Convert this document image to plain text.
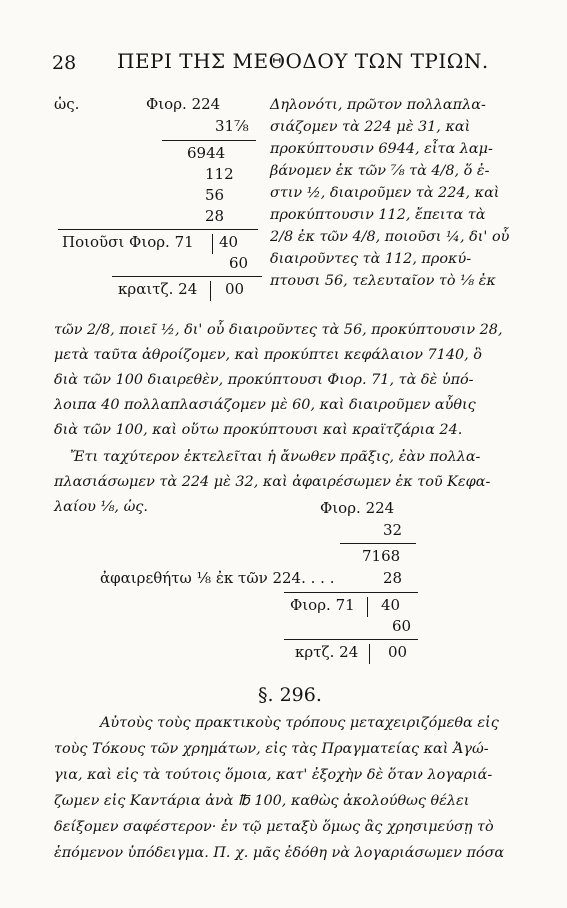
28 ΠΕΡΙ ΤΗΣ ΜΕΘΟΔΟΥ ΤΩΝ ΤΡΙΩΝ.
ὡς.	Φιορ. 224
31⅞
6944
112
56
28
Ποιοῦσι Φιορ. 71 40
60
κραιτζ. 24 00
Δηλονότι, πρῶτον πολλαπλα-
σιάζομεν τὰ 224 μὲ 31, καὶ
προκύπτουσιν 6944, εἶτα λαμ-
βάνομεν ἐκ τῶν ⅞ τὰ 4/8, ὅ ἐ-
στιν ½, διαιροῦμεν τὰ 224, καὶ
προκύπτουσιν 112, ἔπειτα τὰ
2/8 ἐκ τῶν 4/8, ποιοῦσι ¼, δι' οὗ
διαιροῦντες τὰ 112, προκύ-
πτουσι 56, τελευταῖον τὸ ⅛ ἐκ
τῶν 2/8, ποιεῖ ½, δι' οὗ διαιροῦντες τὰ 56, προκύπτουσιν 28,
μετὰ ταῦτα ἀθροίζομεν, καὶ προκύπτει κεφάλαιον 7140, ὃ
διὰ τῶν 100 διαιρεθὲν, προκύπτουσι Φιορ. 71, τὰ δὲ ὑπό-
λοιπα 40 πολλαπλασιάζομεν μὲ 60, καὶ διαιροῦμεν αὖθις
διὰ τῶν 100, καὶ οὕτω προκύπτουσι καὶ κραϊτζάρια 24.
Ἔτι ταχύτερον ἐκτελεῖται ἡ ἄνωθεν πρᾶξις, ἐὰν πολλα-
πλασιάσωμεν τὰ 224 μὲ 32, καὶ ἀφαιρέσωμεν ἐκ τοῦ Κεφα-
λαίου ⅛, ὡς.	Φιορ. 224
32
7168
ἀφαιρεθήτω ⅛ ἐκ τῶν 224. . . .	28
Φιορ. 71 40
60
κρτζ. 24 00
§. 296.
Αὐτοὺς τοὺς πρακτικοὺς τρόπους μεταχειριζόμεθα εἰς
τοὺς Τόκους τῶν χρημάτων, εἰς τὰς Πραγματείας καὶ Ἀγώ-
για, καὶ εἰς τὰ τούτοις ὅμοια, κατ' ἐξοχὴν δὲ ὅταν λογαριά-
ζωμεν εἰς Καντάρια ἀνὰ ℔ 100, καθὼς ἀκολούθως θέλει
δείξομεν σαφέστερον· ἐν τῷ μεταξὺ ὅμως ἂς χρησιμεύσῃ τὸ
ἑπόμενον ὑπόδειγμα. Π. χ. μᾶς ἐδόθη νὰ λογαριάσωμεν πόσα
